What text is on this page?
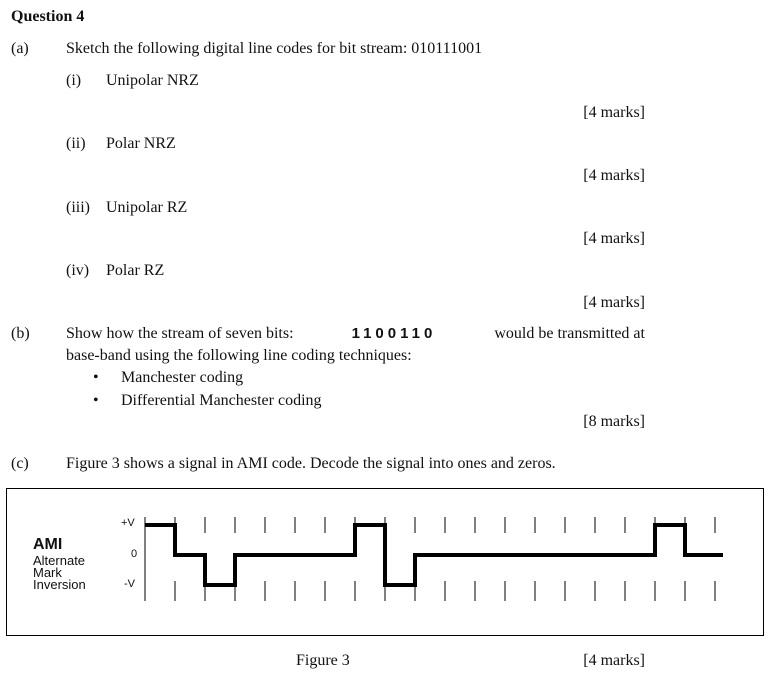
Question 4
(a) Sketch the following digital line codes for bit stream: 010111001
(i) Unipolar NRZ
[4 marks]
(ii) Polar NRZ
[4 marks]
(iii) Unipolar RZ
[4 marks]
(iv) Polar RZ
[4 marks]
(b) Show how the stream of seven bits:	1100110	would be transmitted at
base-band using the following line coding techniques:
• Manchester coding
• Differential Manchester coding
[8 marks]
(c) Figure 3 shows a signal in AMI code. Decode the signal into ones and zeros.
AMI
Alternate
Mark
Inversion
+V
0
-V
Figure 3	[4 marks]
